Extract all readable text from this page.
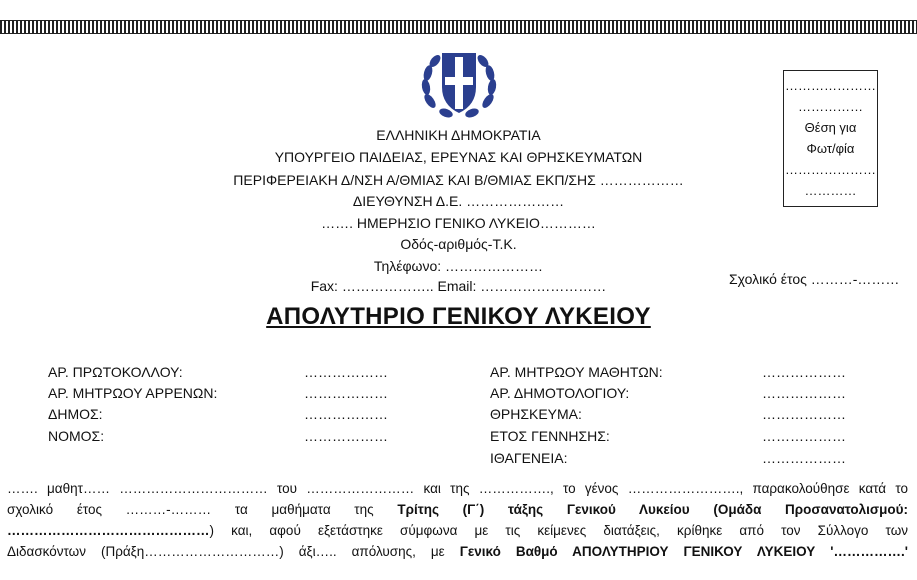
ΕΛΛΗΝΙΚΗ ΔΗΜΟΚΡΑΤΙΑ
ΥΠΟΥΡΓΕΙΟ ΠΑΙΔΕΙΑΣ, ΕΡΕΥΝΑΣ ΚΑΙ ΘΡΗΣΚΕΥΜΑΤΩΝ
ΠΕΡΙΦΕΡΕΙΑΚΗ Δ/ΝΣΗ Α/ΘΜΙΑΣ ΚΑΙ Β/ΘΜΙΑΣ ΕΚΠ/ΣΗΣ ………………
ΔΙΕΥΘΥΝΣΗ Δ.Ε. …………………
……. ΗΜΕΡΗΣΙΟ ΓΕΝΙΚΟ ΛΥΚΕΙΟ…………
Οδός-αριθμός-Τ.Κ.
Τηλέφωνο: …………………
Fax: ……………….. Email: ………………………
…………………
……………
Θέση για
Φωτ/φία
…………………
…………
Σχολικό έτος ………-………
ΑΠΟΛΥΤΗΡΙΟ ΓΕΝΙΚΟΥ ΛΥΚΕΙΟΥ
ΑΡ. ΠΡΩΤΟΚΟΛΛΟΥ:	………………
ΑΡ. ΜΗΤΡΩΟΥ ΑΡΡΕΝΩΝ:	………………
ΔΗΜΟΣ:	………………
ΝΟΜΟΣ:	………………
ΑΡ. ΜΗΤΡΩΟΥ ΜΑΘΗΤΩΝ:	………………
ΑΡ. ΔΗΜΟΤΟΛΟΓΙΟΥ:	………………
ΘΡΗΣΚΕΥΜΑ:	………………
ΕΤΟΣ ΓΕΝΝΗΣΗΣ:	………………
ΙΘΑΓΕΝΕΙΑ:	………………
……. μαθητ…… …………………………… του …………………… και της ……………., το γένος ……………………., παρακολούθησε κατά το
σχολικό έτος ………-……… τα μαθήματα της Τρίτης (Γ΄) τάξης Γενικού Λυκείου (Ομάδα Προσανατολισμού:
………………………………………) και, αφού εξετάστηκε σύμφωνα με τις κείμενες διατάξεις, κρίθηκε από τον Σύλλογο των
Διδασκόντων (Πράξη…………………………) άξι….. απόλυσης, με Γενικό Βαθμό ΑΠΟΛΥΤΗΡΙΟΥ ΓΕΝΙΚΟΥ ΛΥΚΕΙΟΥ '…………….'
